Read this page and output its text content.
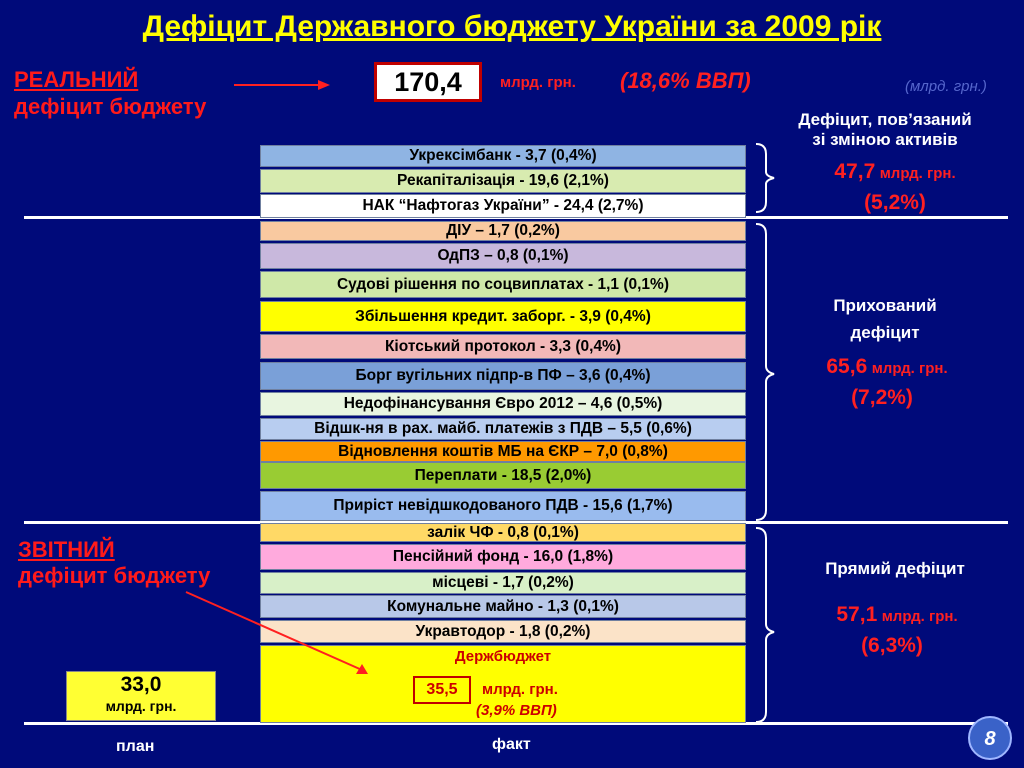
Дефіцит Державного бюджету України за 2009 рік
РЕАЛЬНИЙ
дефіцит бюджету
170,4	млрд. грн. (18,6% ВВП)	(млрд. грн.)
Дефіцит, пов’язаний
зі зміною активів
47,7 млрд. грн.
(5,2%)
Прихований
дефіцит
65,6 млрд. грн.
(7,2%)
Прямий дефіцит
57,1 млрд. грн.
(6,3%)
Укрексімбанк - 3,7 (0,4%)
Рекапіталізація - 19,6 (2,1%)
НАК “Нафтогаз України” - 24,4 (2,7%)
ДІУ – 1,7 (0,2%)
ОдПЗ – 0,8 (0,1%)
Судові рішення по соцвиплатах - 1,1 (0,1%)
Збільшення кредит. заборг. - 3,9 (0,4%)
Кіотський протокол - 3,3 (0,4%)
Борг вугільних підпр-в ПФ – 3,6 (0,4%)
Недофінансування Євро 2012 – 4,6 (0,5%)
Відшк-ня в рах. майб. платежів з ПДВ – 5,5 (0,6%)
Відновлення коштів МБ на ЄКР – 7,0 (0,8%)
Переплати - 18,5 (2,0%)
Приріст невідшкодованого ПДВ - 15,6 (1,7%)
залік ЧФ - 0,8 (0,1%)
Пенсійний фонд - 16,0 (1,8%)
місцеві - 1,7 (0,2%)
Комунальне майно - 1,3 (0,1%)
Укравтодор - 1,8 (0,2%)
Держбюджет
35,5	млрд. грн.
(3,9% ВВП)
ЗВІТНИЙ
дефіцит бюджету
33,0
млрд. грн.
план	факт	8
